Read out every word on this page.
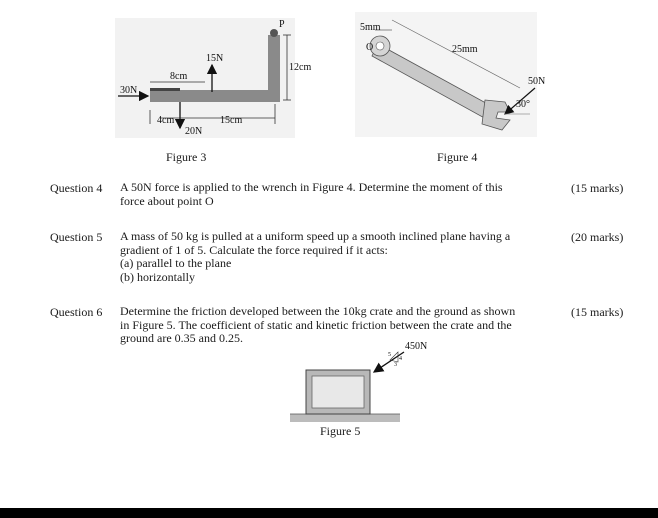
P
15N
12cm
8cm
30N
4cm	15cm
20N
5mm
O	25mm
50N
30°
450N
5
4
3
Figure 3	Figure 4
Figure 5
Question 4 A 50N force is applied to the wrench in Figure 4. Determine the moment of this
force about point O
(15 marks)
Question 5 A mass of 50 kg is pulled at a uniform speed up a smooth inclined plane having a
gradient of 1 of 5. Calculate the force required if it acts:
(a) parallel to the plane
(b) horizontally
(20 marks)
Question 6 Determine the friction developed between the 10kg crate and the ground as shown
in Figure 5. The coefficient of static and kinetic friction between the crate and the
ground are 0.35 and 0.25.
(15 marks)
